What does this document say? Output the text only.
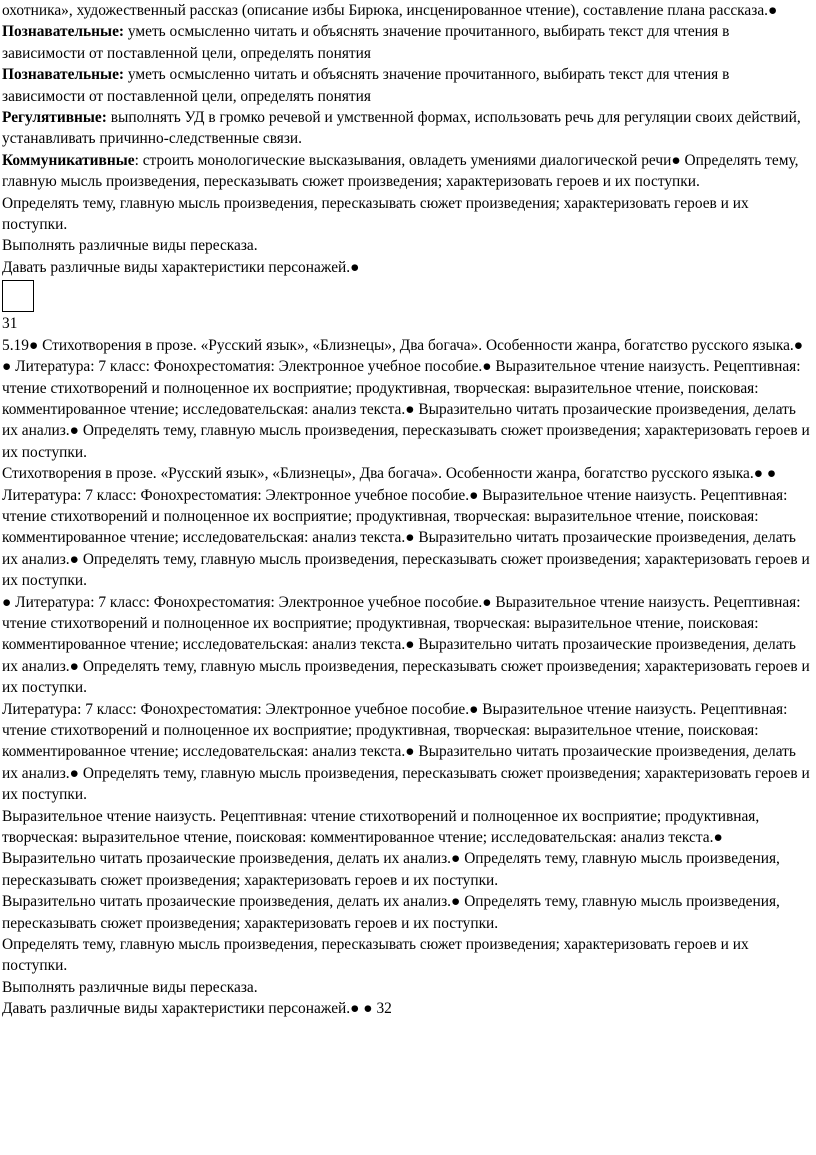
охотника», художественный рассказ (описание избы Бирюка, инсценированное чтение), составление плана рассказа.● Познавательные: уметь осмысленно читать и объяснять значение прочитанного, выбирать текст для чтения в зависимости от поставленной цели, определять понятия

Познавательные: уметь осмысленно читать и объяснять значение прочитанного, выбирать текст для чтения в зависимости от поставленной цели, определять понятия

Регулятивные: выполнять УД в громко речевой и умственной формах, использовать речь для регуляции своих действий, устанавливать причинно-следственные связи.

Коммуникативные: строить монологические высказывания, овладеть умениями диалогической речи● Определять тему, главную мысль произведения, пересказывать сюжет произведения; характеризовать героев и их поступки.

Определять тему, главную мысль произведения, пересказывать сюжет произведения; характеризовать героев и их поступки.

Выполнять различные виды пересказа.

Давать различные виды характеристики персонажей.●

31

5.19● Стихотворения в прозе. «Русский язык», «Близнецы», Два богача». Особенности жанра, богатство русского языка.● ● Литература: 7 класс: Фонохрестоматия: Электронное учебное пособие.● Выразительное чтение наизусть. Рецептивная: чтение стихотворений и полноценное их восприятие; продуктивная, творческая: выразительное чтение, поисковая: комментированное чтение; исследовательская: анализ текста.● Выразительно читать прозаические произведения, делать их анализ.● Определять тему, главную мысль произведения, пересказывать сюжет произведения; характеризовать героев и их поступки.

Стихотворения в прозе. «Русский язык», «Близнецы», Два богача». Особенности жанра, богатство русского языка.● ● Литература: 7 класс: Фонохрестоматия: Электронное учебное пособие.● Выразительное чтение наизусть. Рецептивная: чтение стихотворений и полноценное их восприятие; продуктивная, творческая: выразительное чтение, поисковая: комментированное чтение; исследовательская: анализ текста.● Выразительно читать прозаические произведения, делать их анализ.● Определять тему, главную мысль произведения, пересказывать сюжет произведения; характеризовать героев и их поступки.

● Литература: 7 класс: Фонохрестоматия: Электронное учебное пособие.● Выразительное чтение наизусть. Рецептивная: чтение стихотворений и полноценное их восприятие; продуктивная, творческая: выразительное чтение, поисковая: комментированное чтение; исследовательская: анализ текста.● Выразительно читать прозаические произведения, делать их анализ.● Определять тему, главную мысль произведения, пересказывать сюжет произведения; характеризовать героев и их поступки.

Литература: 7 класс: Фонохрестоматия: Электронное учебное пособие.● Выразительное чтение наизусть. Рецептивная: чтение стихотворений и полноценное их восприятие; продуктивная, творческая: выразительное чтение, поисковая: комментированное чтение; исследовательская: анализ текста.● Выразительно читать прозаические произведения, делать их анализ.● Определять тему, главную мысль произведения, пересказывать сюжет произведения; характеризовать героев и их поступки.

Выразительное чтение наизусть. Рецептивная: чтение стихотворений и полноценное их восприятие; продуктивная, творческая: выразительное чтение, поисковая: комментированное чтение; исследовательская: анализ текста.● Выразительно читать прозаические произведения, делать их анализ.● Определять тему, главную мысль произведения, пересказывать сюжет произведения; характеризовать героев и их поступки.

Выразительно читать прозаические произведения, делать их анализ.● Определять тему, главную мысль произведения, пересказывать сюжет произведения; характеризовать героев и их поступки.

Определять тему, главную мысль произведения, пересказывать сюжет произведения; характеризовать героев и их поступки.

Выполнять различные виды пересказа.

Давать различные виды характеристики персонажей.● ● 32
